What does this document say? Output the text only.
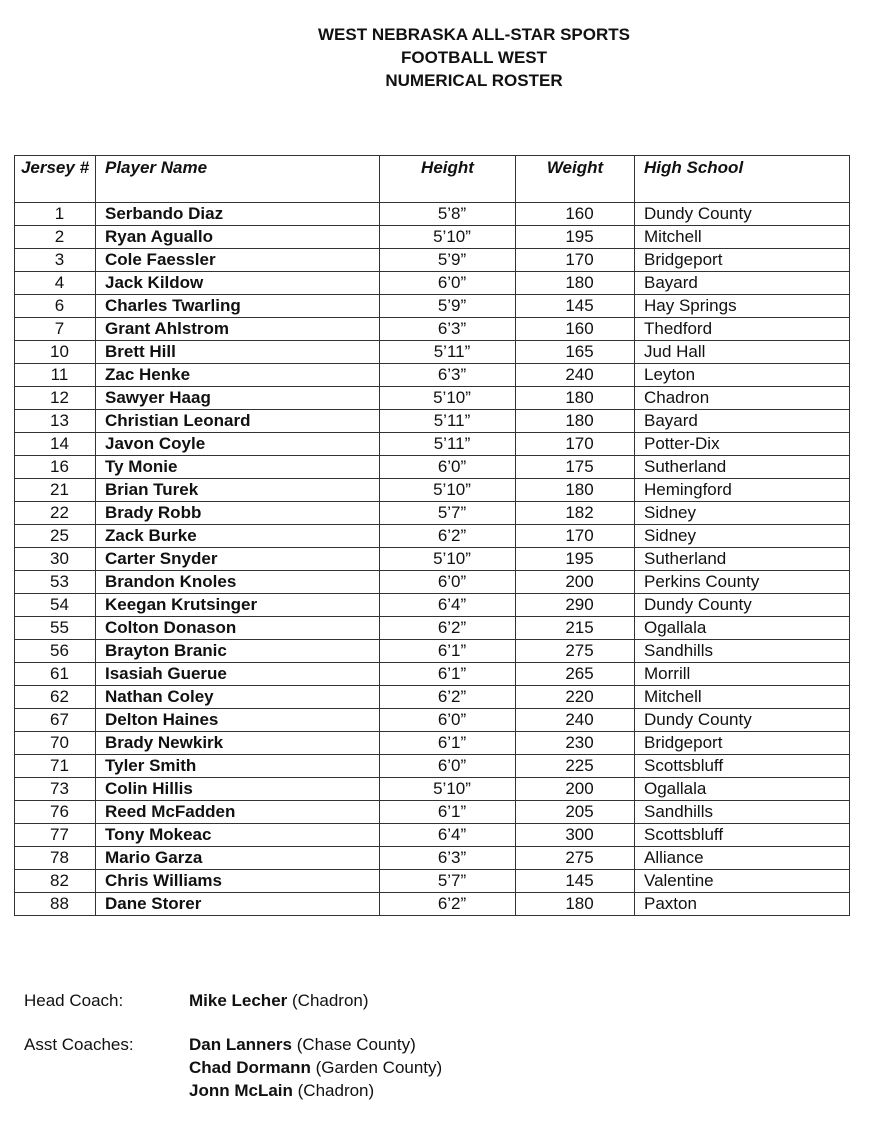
WEST NEBRASKA ALL-STAR SPORTS
FOOTBALL WEST
NUMERICAL ROSTER
Jersey #	Player Name	Height	Weight	High School
1	Serbando Diaz	5’8”	160	Dundy County
2	Ryan Aguallo	5’10”	195	Mitchell
3	Cole Faessler	5’9”	170	Bridgeport
4	Jack Kildow	6’0”	180	Bayard
6	Charles Twarling	5’9”	145	Hay Springs
7	Grant Ahlstrom	6’3”	160	Thedford
10	Brett Hill	5’11”	165	Jud Hall
11	Zac Henke	6’3”	240	Leyton
12	Sawyer Haag	5’10”	180	Chadron
13	Christian Leonard	5’11”	180	Bayard
14	Javon Coyle	5’11”	170	Potter-Dix
16	Ty Monie	6’0”	175	Sutherland
21	Brian Turek	5’10”	180	Hemingford
22	Brady Robb	5’7”	182	Sidney
25	Zack Burke	6’2”	170	Sidney
30	Carter Snyder	5’10”	195	Sutherland
53	Brandon Knoles	6’0”	200	Perkins County
54	Keegan Krutsinger	6’4”	290	Dundy County
55	Colton Donason	6’2”	215	Ogallala
56	Brayton Branic	6’1”	275	Sandhills
61	Isasiah Guerue	6’1”	265	Morrill
62	Nathan Coley	6’2”	220	Mitchell
67	Delton Haines	6’0”	240	Dundy County
70	Brady Newkirk	6’1”	230	Bridgeport
71	Tyler Smith	6’0”	225	Scottsbluff
73	Colin Hillis	5’10”	200	Ogallala
76	Reed McFadden	6’1”	205	Sandhills
77	Tony Mokeac	6’4”	300	Scottsbluff
78	Mario Garza	6’3”	275	Alliance
82	Chris Williams	5’7”	145	Valentine
88	Dane Storer	6’2”	180	Paxton
Head Coach:	Mike Lecher (Chadron)
Asst Coaches:	Dan Lanners (Chase County)
Chad Dormann (Garden County)
Jonn McLain (Chadron)
